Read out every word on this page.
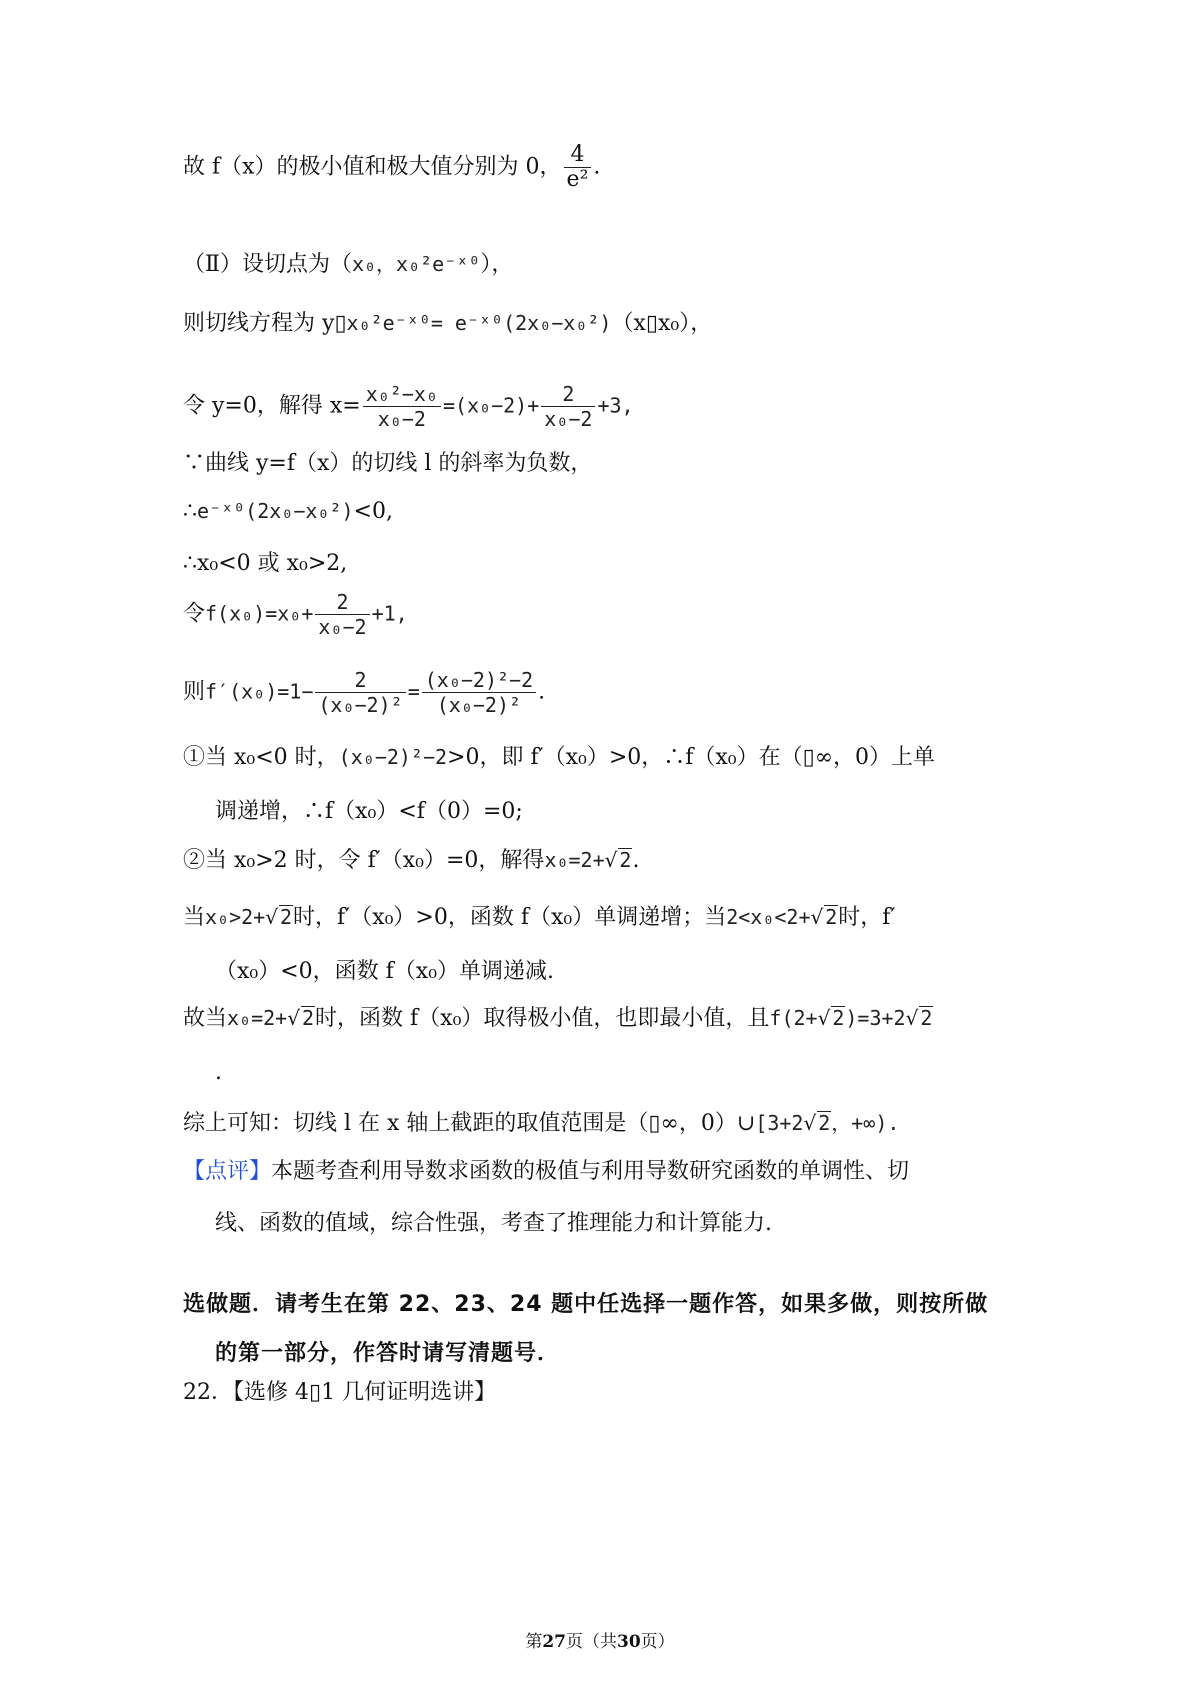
故 f（x）的极小值和极大值分别为 0， $\frac{4}{\text{e²}}$ .
（Ⅱ）设切点为（x₀，x₀²e⁻ˣ⁰），
则切线方程为 y▯x₀²e⁻ˣ⁰= e⁻ˣ⁰(2x₀−x₀²)（x▯x₀），
令 y=0，解得 $x= \frac{\text{x₀²−x₀}}{\text{x₀−2}} =(x_0-2)+ \frac{2}{\text{x₀−2}} +3$,
∵曲线 y=f（x）的切线 l 的斜率为负数，
∴e⁻ˣ⁰(2x₀−x₀²)<0,
∴x₀<0 或 x₀>2,
令$f(x_0)=x_0+ \frac{2}{\text{x₀−2}} +1$,
则$f'(x_0)=1- \frac{2}{\text{(x₀−2)²}} = \frac{\text{(x₀−2)²−2}}{\text{(x₀−2)²}}$ .
①当 x₀<0 时，(x₀−2)²−2>0，即 f′（x₀）>0，∴f（x₀）在（▯∞，0）上单
调递增，∴f（x₀）<f（0）=0;
②当 x₀>2 时，令 f′（x₀）=0，解得x₀=2+√ 2.
当x₀>2+√ 2时，f′（x₀）>0，函数 f（x₀）单调递增；当2<x₀<2+√ 2时，f′
（x₀）<0，函数 f（x₀）单调递减.
故当x₀=2+√ 2时，函数 f（x₀）取得极小值，也即最小值，且f(2+√ 2)=3+2√ 2
.
综上可知：切线 l 在 x 轴上截距的取值范围是（▯∞，0）∪[3+2√ 2，+∞).
【点评】本题考查利用导数求函数的极值与利用导数研究函数的单调性、切
线、函数的值域，综合性强，考查了推理能力和计算能力.
选做题．请考生在第 22、23、24 题中任选择一题作答，如果多做，则按所做
的第一部分，作答时请写清题号．
22．【选修 4▯1 几何证明选讲】
第27页（共30页）
